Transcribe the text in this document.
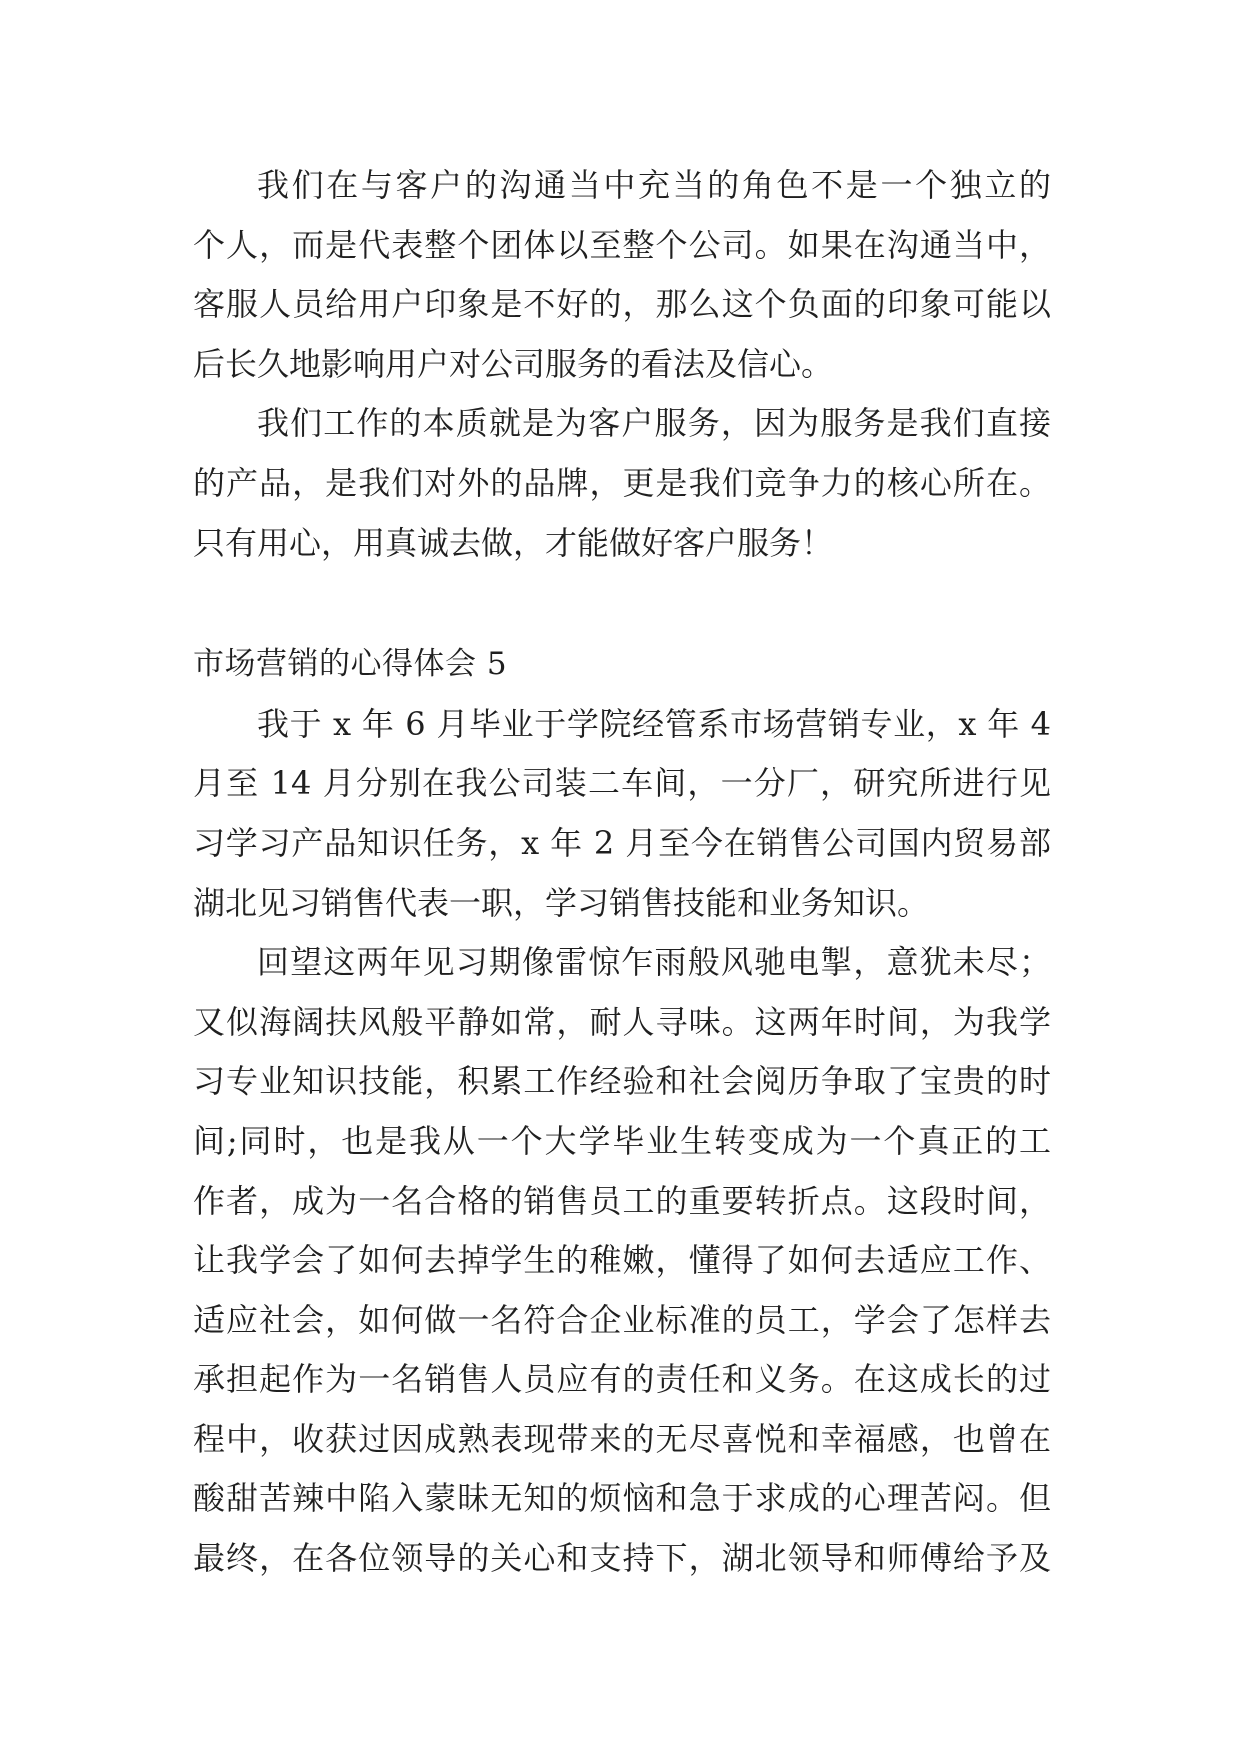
我们在与客户的沟通当中充当的角色不是一个独立的
个人，而是代表整个团体以至整个公司。如果在沟通当中，
客服人员给用户印象是不好的，那么这个负面的印象可能以
后长久地影响用户对公司服务的看法及信心。
我们工作的本质就是为客户服务，因为服务是我们直接
的产品，是我们对外的品牌，更是我们竞争力的核心所在。
只有用心，用真诚去做，才能做好客户服务！
市场营销的心得体会 5
我于 x 年 6 月毕业于学院经管系市场营销专业，x 年 4
月至 14 月分别在我公司装二车间，一分厂，研究所进行见
习学习产品知识任务，x 年 2 月至今在销售公司国内贸易部
湖北见习销售代表一职，学习销售技能和业务知识。
回望这两年见习期像雷惊乍雨般风驰电掣，意犹未尽；
又似海阔扶风般平静如常，耐人寻味。这两年时间，为我学
习专业知识技能，积累工作经验和社会阅历争取了宝贵的时
间;同时，也是我从一个大学毕业生转变成为一个真正的工
作者，成为一名合格的销售员工的重要转折点。这段时间，
让我学会了如何去掉学生的稚嫩，懂得了如何去适应工作、
适应社会，如何做一名符合企业标准的员工，学会了怎样去
承担起作为一名销售人员应有的责任和义务。在这成长的过
程中，收获过因成熟表现带来的无尽喜悦和幸福感，也曾在
酸甜苦辣中陷入蒙昧无知的烦恼和急于求成的心理苦闷。但
最终，在各位领导的关心和支持下，湖北领导和师傅给予及
